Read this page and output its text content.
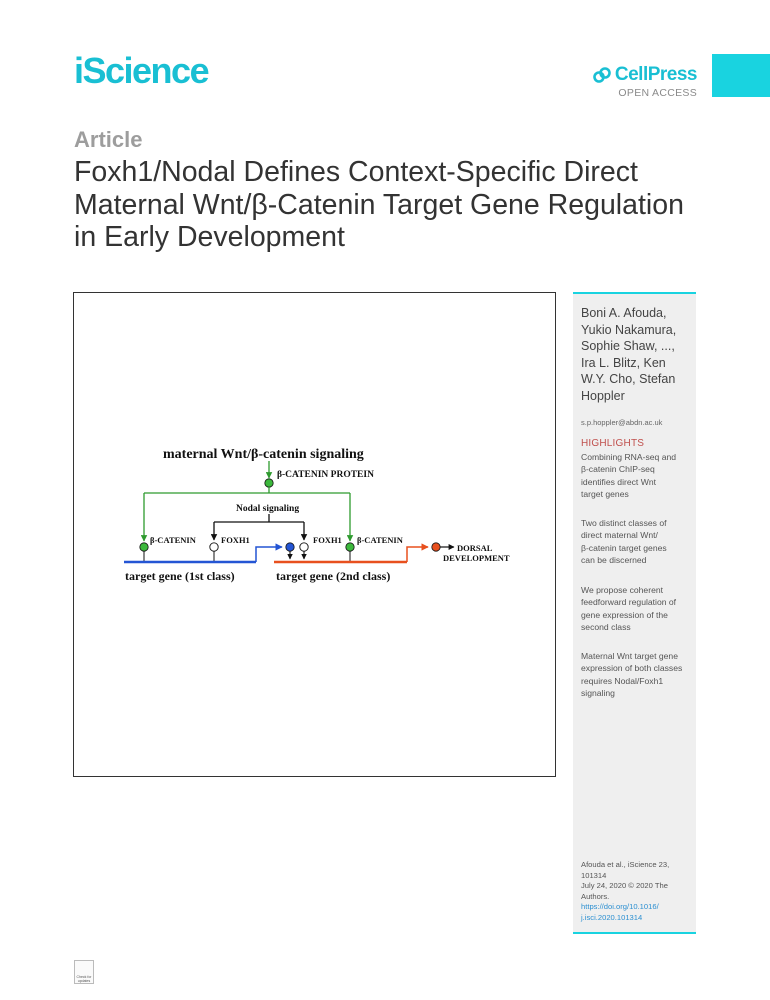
iScience	CellPress
OPEN ACCESS
Article
Foxh1/Nodal Defines Context-Specific Direct
Maternal Wnt/β-Catenin Target Gene Regulation
in Early Development
maternal Wnt/β-catenin signaling
β-CATENIN PROTEIN
Nodal signaling
β-CATENIN	FOXH1	FOXH1 β-CATENIN
DORSAL
DEVELOPMENT
target gene (1st class)	target gene (2nd class)
Boni A. Afouda,
Yukio Nakamura,
Sophie Shaw, ...,
Ira L. Blitz, Ken
W.Y. Cho, Stefan
Hoppler
s.p.hoppler@abdn.ac.uk
HIGHLIGHTS
Combining RNA-seq and
β-catenin ChIP-seq
identifies direct Wnt
target genes
Two distinct classes of
direct maternal Wnt/
β-catenin target genes
can be discerned
We propose coherent
feedforward regulation of
gene expression of the
second class
Maternal Wnt target gene
expression of both classes
requires Nodal/Foxh1
signaling
Afouda et al., iScience 23,
101314
July 24, 2020 © 2020 The
Authors.
https://doi.org/10.1016/
j.isci.2020.101314
Check for updates
